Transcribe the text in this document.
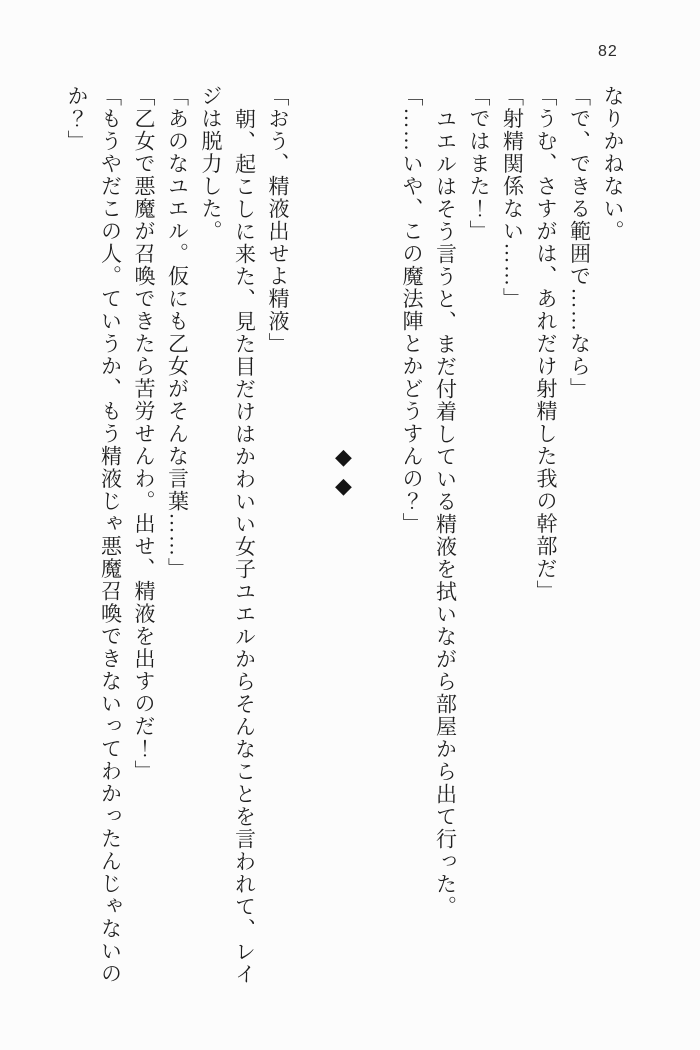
82

なりかねない。

「で、できる範囲で……なら」

「うむ、さすがは、あれだけ射精した我の幹部だ」

「射精関係ない……」

「ではまた！」

ユエルはそう言うと、まだ付着している精液を拭いながら部屋から出て行った。

「……いや、この魔法陣とかどうすんの？」

◆◆

「おう、精液出せよ精液」

朝、起こしに来た、見た目だけはかわいい女子ユエルからそんなことを言われて、レイジは脱力した。

「あのなユエル。仮にも乙女がそんな言葉……」

「乙女で悪魔が召喚できたら苦労せんわ。出せ、精液を出すのだ！」

「もうやだこの人。ていうか、もう精液じゃ悪魔召喚できないってわかったんじゃないのか？」
